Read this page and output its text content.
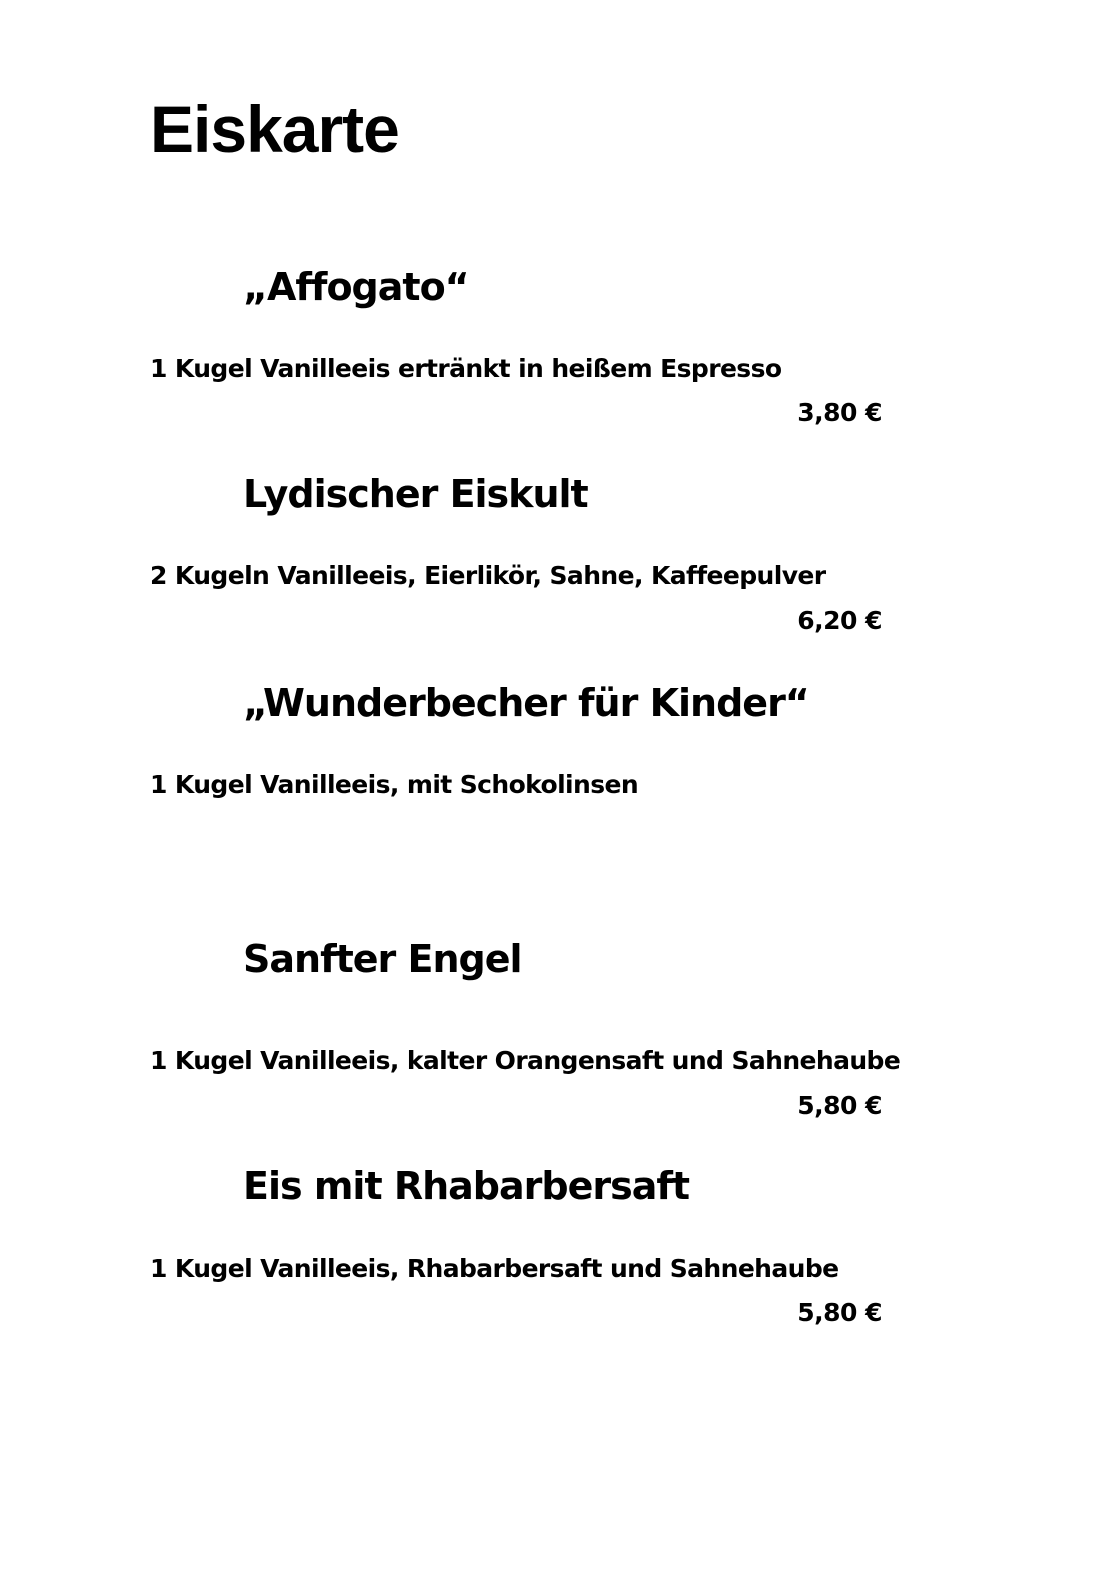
Eiskarte
„Affogato“
1 Kugel Vanilleeis ertränkt in heißem Espresso
3,80 €
Lydischer Eiskult
2 Kugeln Vanilleeis, Eierlikör, Sahne, Kaffeepulver
6,20 €
„Wunderbecher für Kinder“
1 Kugel Vanilleeis, mit Schokolinsen
Sanfter Engel
1 Kugel Vanilleeis, kalter Orangensaft und Sahnehaube
5,80 €
Eis mit Rhabarbersaft
1 Kugel Vanilleeis, Rhabarbersaft und Sahnehaube
5,80 €
